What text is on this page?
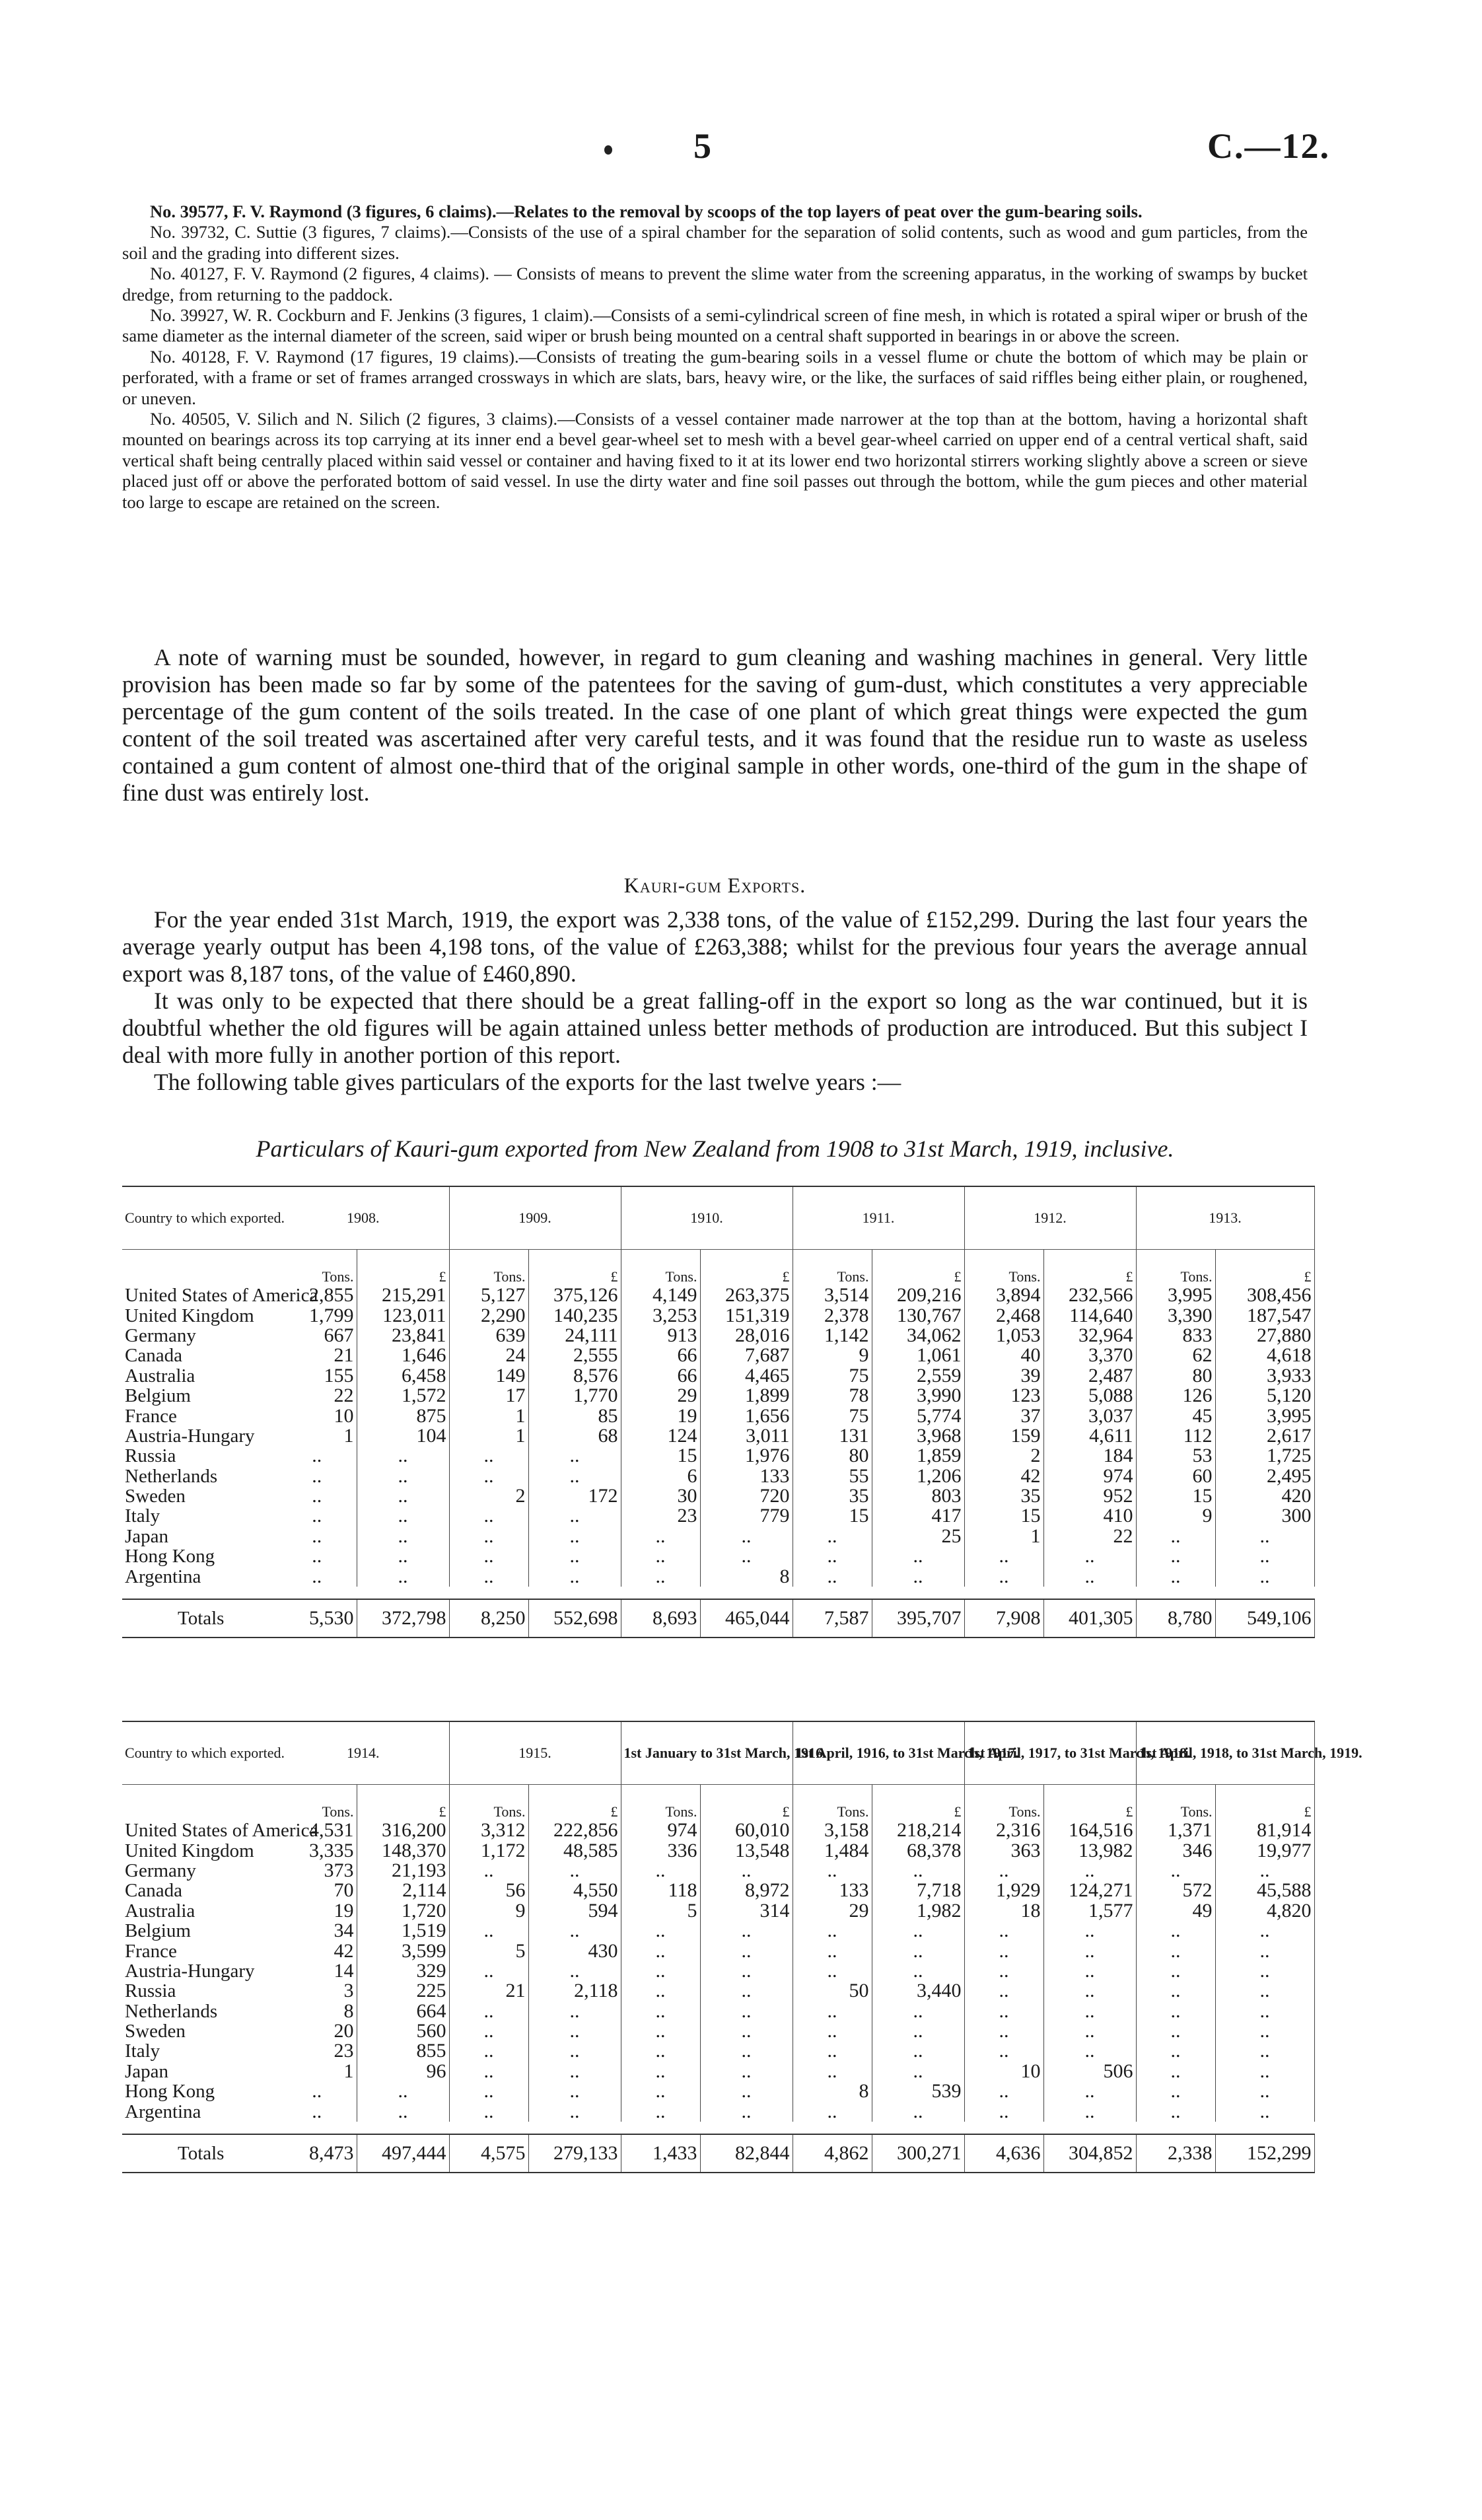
5	C.—12.

No. 39577, F. V. Raymond (3 figures, 6 claims).—Relates to the removal by scoops of the top layers of peat over the gum-bearing soils.

No. 39732, C. Suttie (3 figures, 7 claims).—Consists of the use of a spiral chamber for the separation of solid contents, such as wood and gum particles, from the soil and the grading into different sizes.

No. 40127, F. V. Raymond (2 figures, 4 claims). — Consists of means to prevent the slime water from the screening apparatus, in the working of swamps by bucket dredge, from returning to the paddock.

No. 39927, W. R. Cockburn and F. Jenkins (3 figures, 1 claim).—Consists of a semi-cylindrical screen of fine mesh, in which is rotated a spiral wiper or brush of the same diameter as the internal diameter of the screen, said wiper or brush being mounted on a central shaft supported in bearings in or above the screen.

No. 40128, F. V. Raymond (17 figures, 19 claims).—Consists of treating the gum-bearing soils in a vessel flume or chute the bottom of which may be plain or perforated, with a frame or set of frames arranged crossways in which are slats, bars, heavy wire, or the like, the surfaces of said riffles being either plain, or roughened, or uneven.

No. 40505, V. Silich and N. Silich (2 figures, 3 claims).—Consists of a vessel container made narrower at the top than at the bottom, having a horizontal shaft mounted on bearings across its top carrying at its inner end a bevel gear-wheel set to mesh with a bevel gear-wheel carried on upper end of a central vertical shaft, said vertical shaft being centrally placed within said vessel or container and having fixed to it at its lower end two horizontal stirrers working slightly above a screen or sieve placed just off or above the perforated bottom of said vessel. In use the dirty water and fine soil passes out through the bottom, while the gum pieces and other material too large to escape are retained on the screen.

A note of warning must be sounded, however, in regard to gum cleaning and washing machines in general. Very little provision has been made so far by some of the patentees for the saving of gum-dust, which constitutes a very appreciable percentage of the gum content of the soils treated. In the case of one plant of which great things were expected the gum content of the soil treated was ascertained after very careful tests, and it was found that the residue run to waste as useless contained a gum content of almost one-third that of the original sample in other words, one-third of the gum in the shape of fine dust was entirely lost.

Kauri-gum Exports.

For the year ended 31st March, 1919, the export was 2,338 tons, of the value of £152,299. During the last four years the average yearly output has been 4,198 tons, of the value of £263,388; whilst for the previous four years the average annual export was 8,187 tons, of the value of £460,890.

It was only to be expected that there should be a great falling-off in the export so long as the war continued, but it is doubtful whether the old figures will be again attained unless better methods of production are introduced. But this subject I deal with more fully in another portion of this report.

The following table gives particulars of the exports for the last twelve years :—

Particulars of Kauri-gum exported from New Zealand from 1908 to 31st March, 1919, inclusive.
Country to which exported.	1908.		1909.		1910.		1911.		1912.		1913.	
	Tons.	£	Tons.	£	Tons.	£	Tons.	£	Tons.	£	Tons.	£
United States of America	2,855	215,291	5,127	375,126	4,149	263,375	3,514	209,216	3,894	232,566	3,995	308,456
United Kingdom	1,799	123,011	2,290	140,235	3,253	151,319	2,378	130,767	2,468	114,640	3,390	187,547
Germany	667	23,841	639	24,111	913	28,016	1,142	34,062	1,053	32,964	833	27,880
Canada	21	1,646	24	2,555	66	7,687	9	1,061	40	3,370	62	4,618
Australia	155	6,458	149	8,576	66	4,465	75	2,559	39	2,487	80	3,933
Belgium	22	1,572	17	1,770	29	1,899	78	3,990	123	5,088	126	5,120
France	10	875	1	85	19	1,656	75	5,774	37	3,037	45	3,995
Austria-Hungary	1	104	1	68	124	3,011	131	3,968	159	4,611	112	2,617
Russia	..	..	..	..	15	1,976	80	1,859	2	184	53	1,725
Netherlands	..	..	..	..	6	133	55	1,206	42	974	60	2,495
Sweden	..	..	2	172	30	720	35	803	35	952	15	420
Italy	..	..	..	..	23	779	15	417	15	410	9	300
Japan	..	..	..	..	..	..	..	25	1	22	..	..
Hong Kong	..	..	..	..	..	..	..	..	..	..	..	..
Argentina	..	..	..	..	..	8	..	..	..	..	..	..

Totals	5,530	372,798	8,250	552,698	8,693	465,044	7,587	395,707	7,908	401,305	8,780	549,106
Country to which exported.	1914.		1915.		1st January to 31st March, 1916.		1st April, 1916, to 31st March, 1917.		1st April, 1917, to 31st March, 1918.		1st April, 1918, to 31st March, 1919.	
	Tons.	£	Tons.	£	Tons.	£	Tons.	£	Tons.	£	Tons.	£
United States of America	4,531	316,200	3,312	222,856	974	60,010	3,158	218,214	2,316	164,516	1,371	81,914
United Kingdom	3,335	148,370	1,172	48,585	336	13,548	1,484	68,378	363	13,982	346	19,977
Germany	373	21,193	..	..	..	..	..	..	..	..	..	..
Canada	70	2,114	56	4,550	118	8,972	133	7,718	1,929	124,271	572	45,588
Australia	19	1,720	9	594	5	314	29	1,982	18	1,577	49	4,820
Belgium	34	1,519	..	..	..	..	..	..	..	..	..	..
France	42	3,599	5	430	..	..	..	..	..	..	..	..
Austria-Hungary	14	329	..	..	..	..	..	..	..	..	..	..
Russia	3	225	21	2,118	..	..	50	3,440	..	..	..	..
Netherlands	8	664	..	..	..	..	..	..	..	..	..	..
Sweden	20	560	..	..	..	..	..	..	..	..	..	..
Italy	23	855	..	..	..	..	..	..	..	..	..	..
Japan	1	96	..	..	..	..	..	..	10	506	..	..
Hong Kong	..	..	..	..	..	..	8	539	..	..	..	..
Argentina	..	..	..	..	..	..	..	..	..	..	..	..

Totals	8,473	497,444	4,575	279,133	1,433	82,844	4,862	300,271	4,636	304,852	2,338	152,299
